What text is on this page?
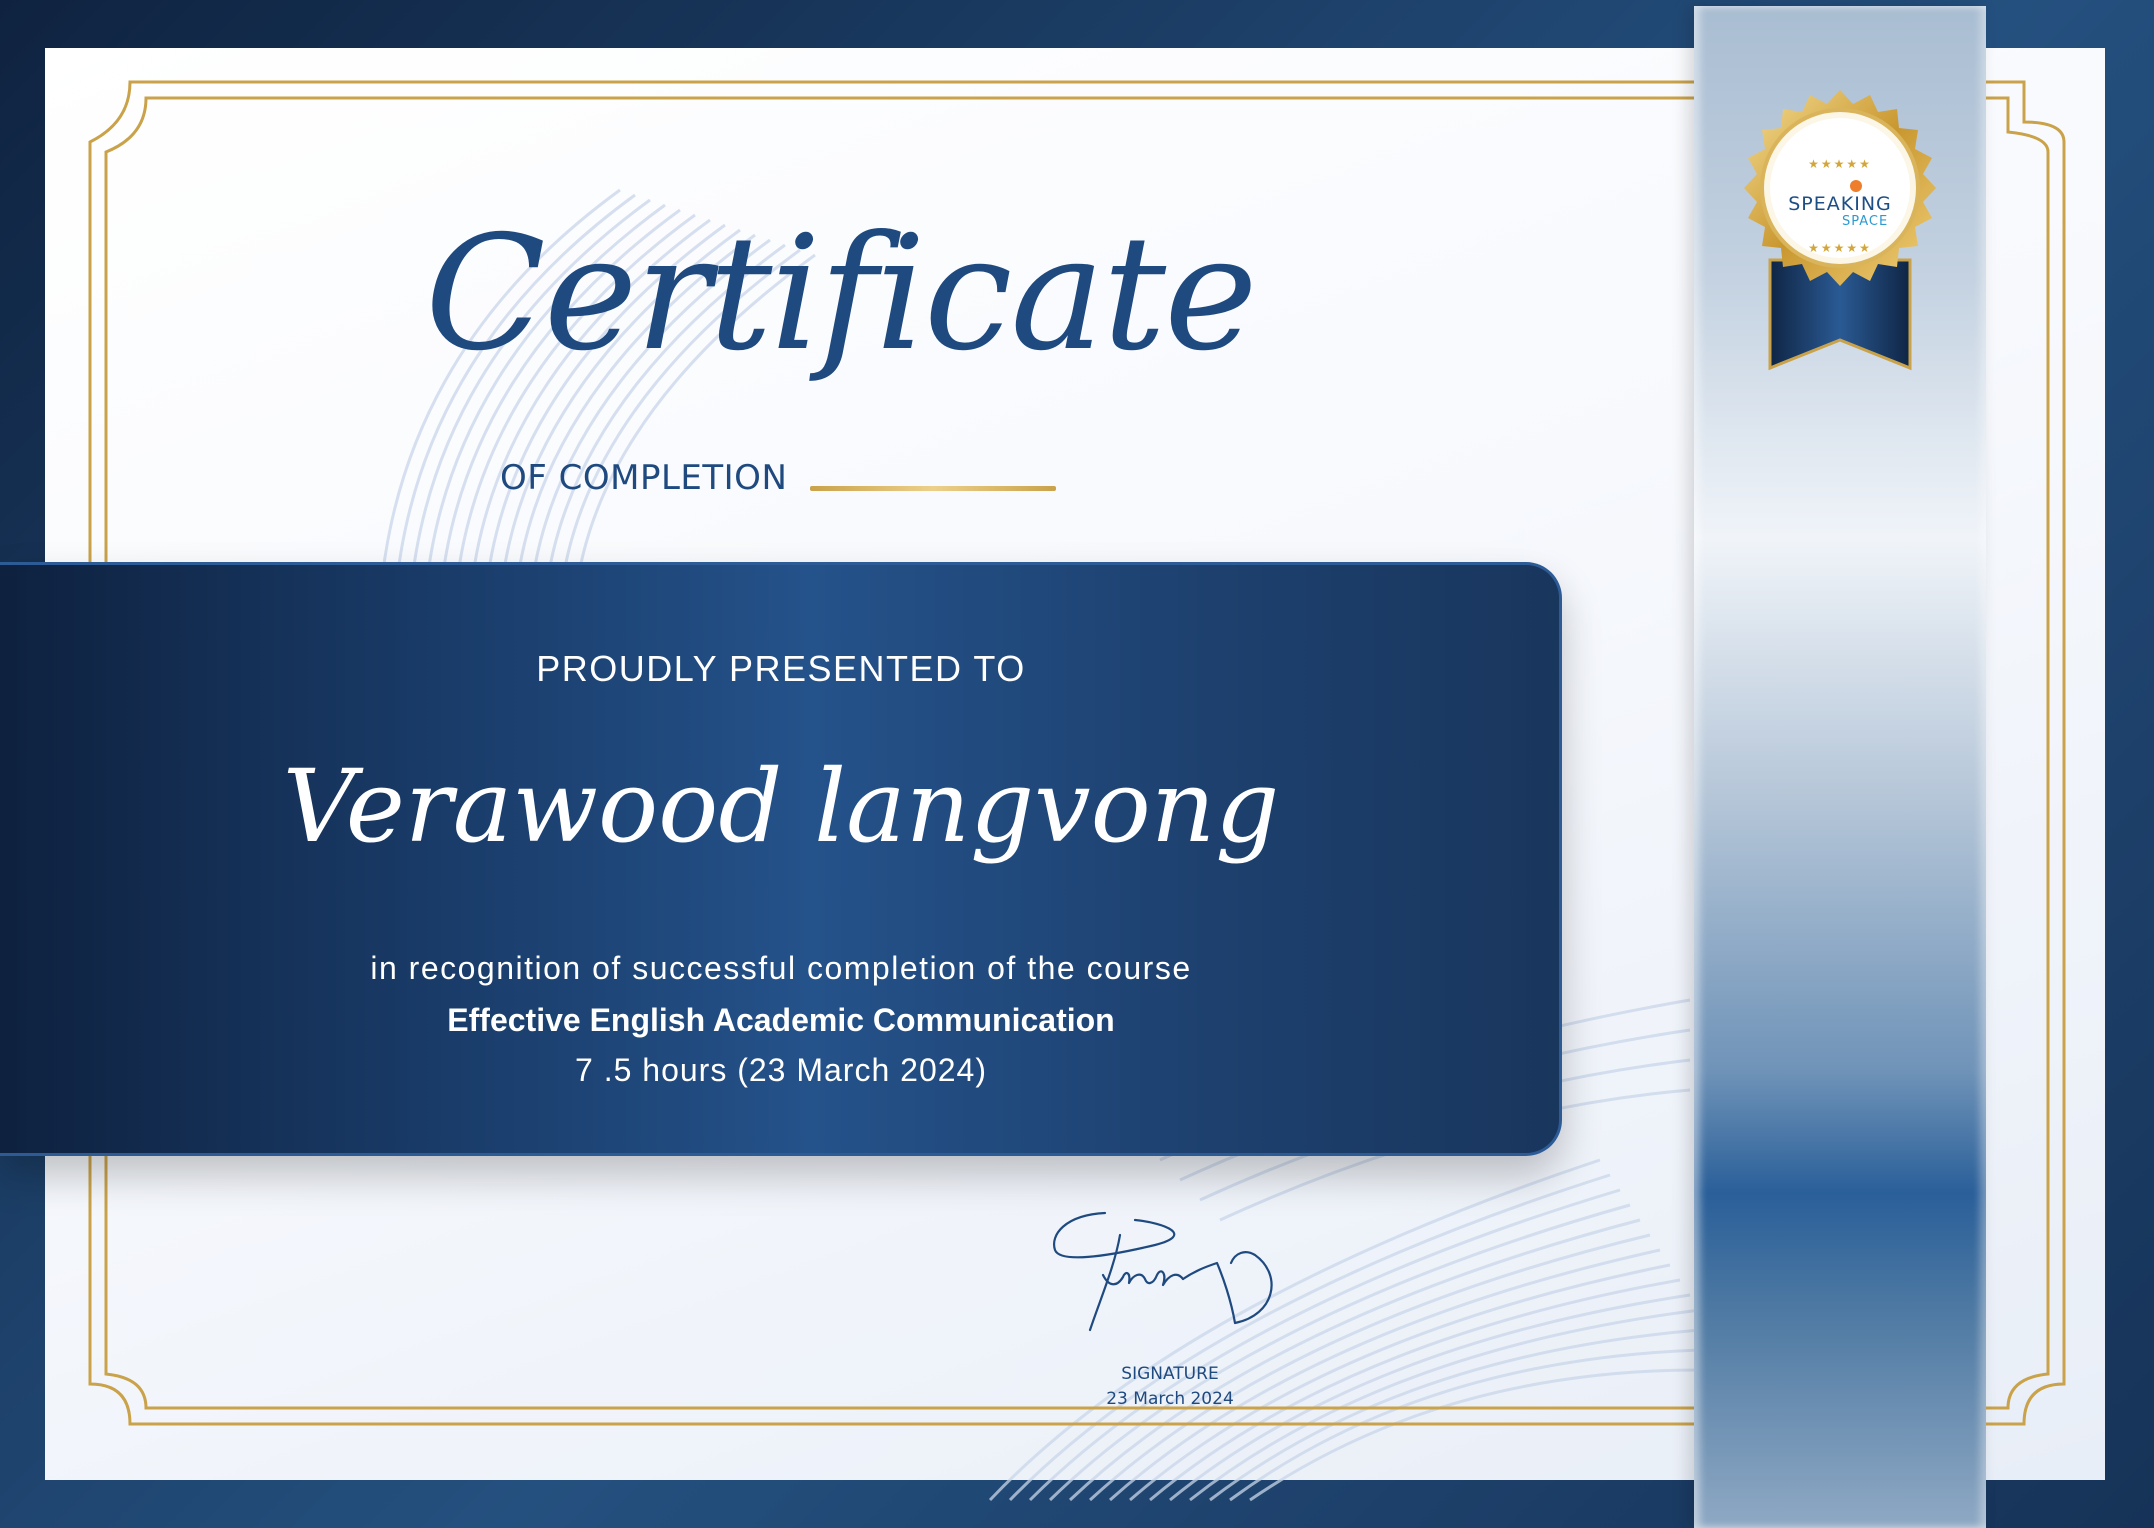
★★★★★
SPEAKING
SPACE
★★★★★
Certificate
OF COMPLETION
PROUDLY PRESENTED TO
Verawood langvong
in recognition of successful completion of the course
Effective English Academic Communication
7 .5 hours (23 March 2024)
SIGNATURE
23 March 2024
